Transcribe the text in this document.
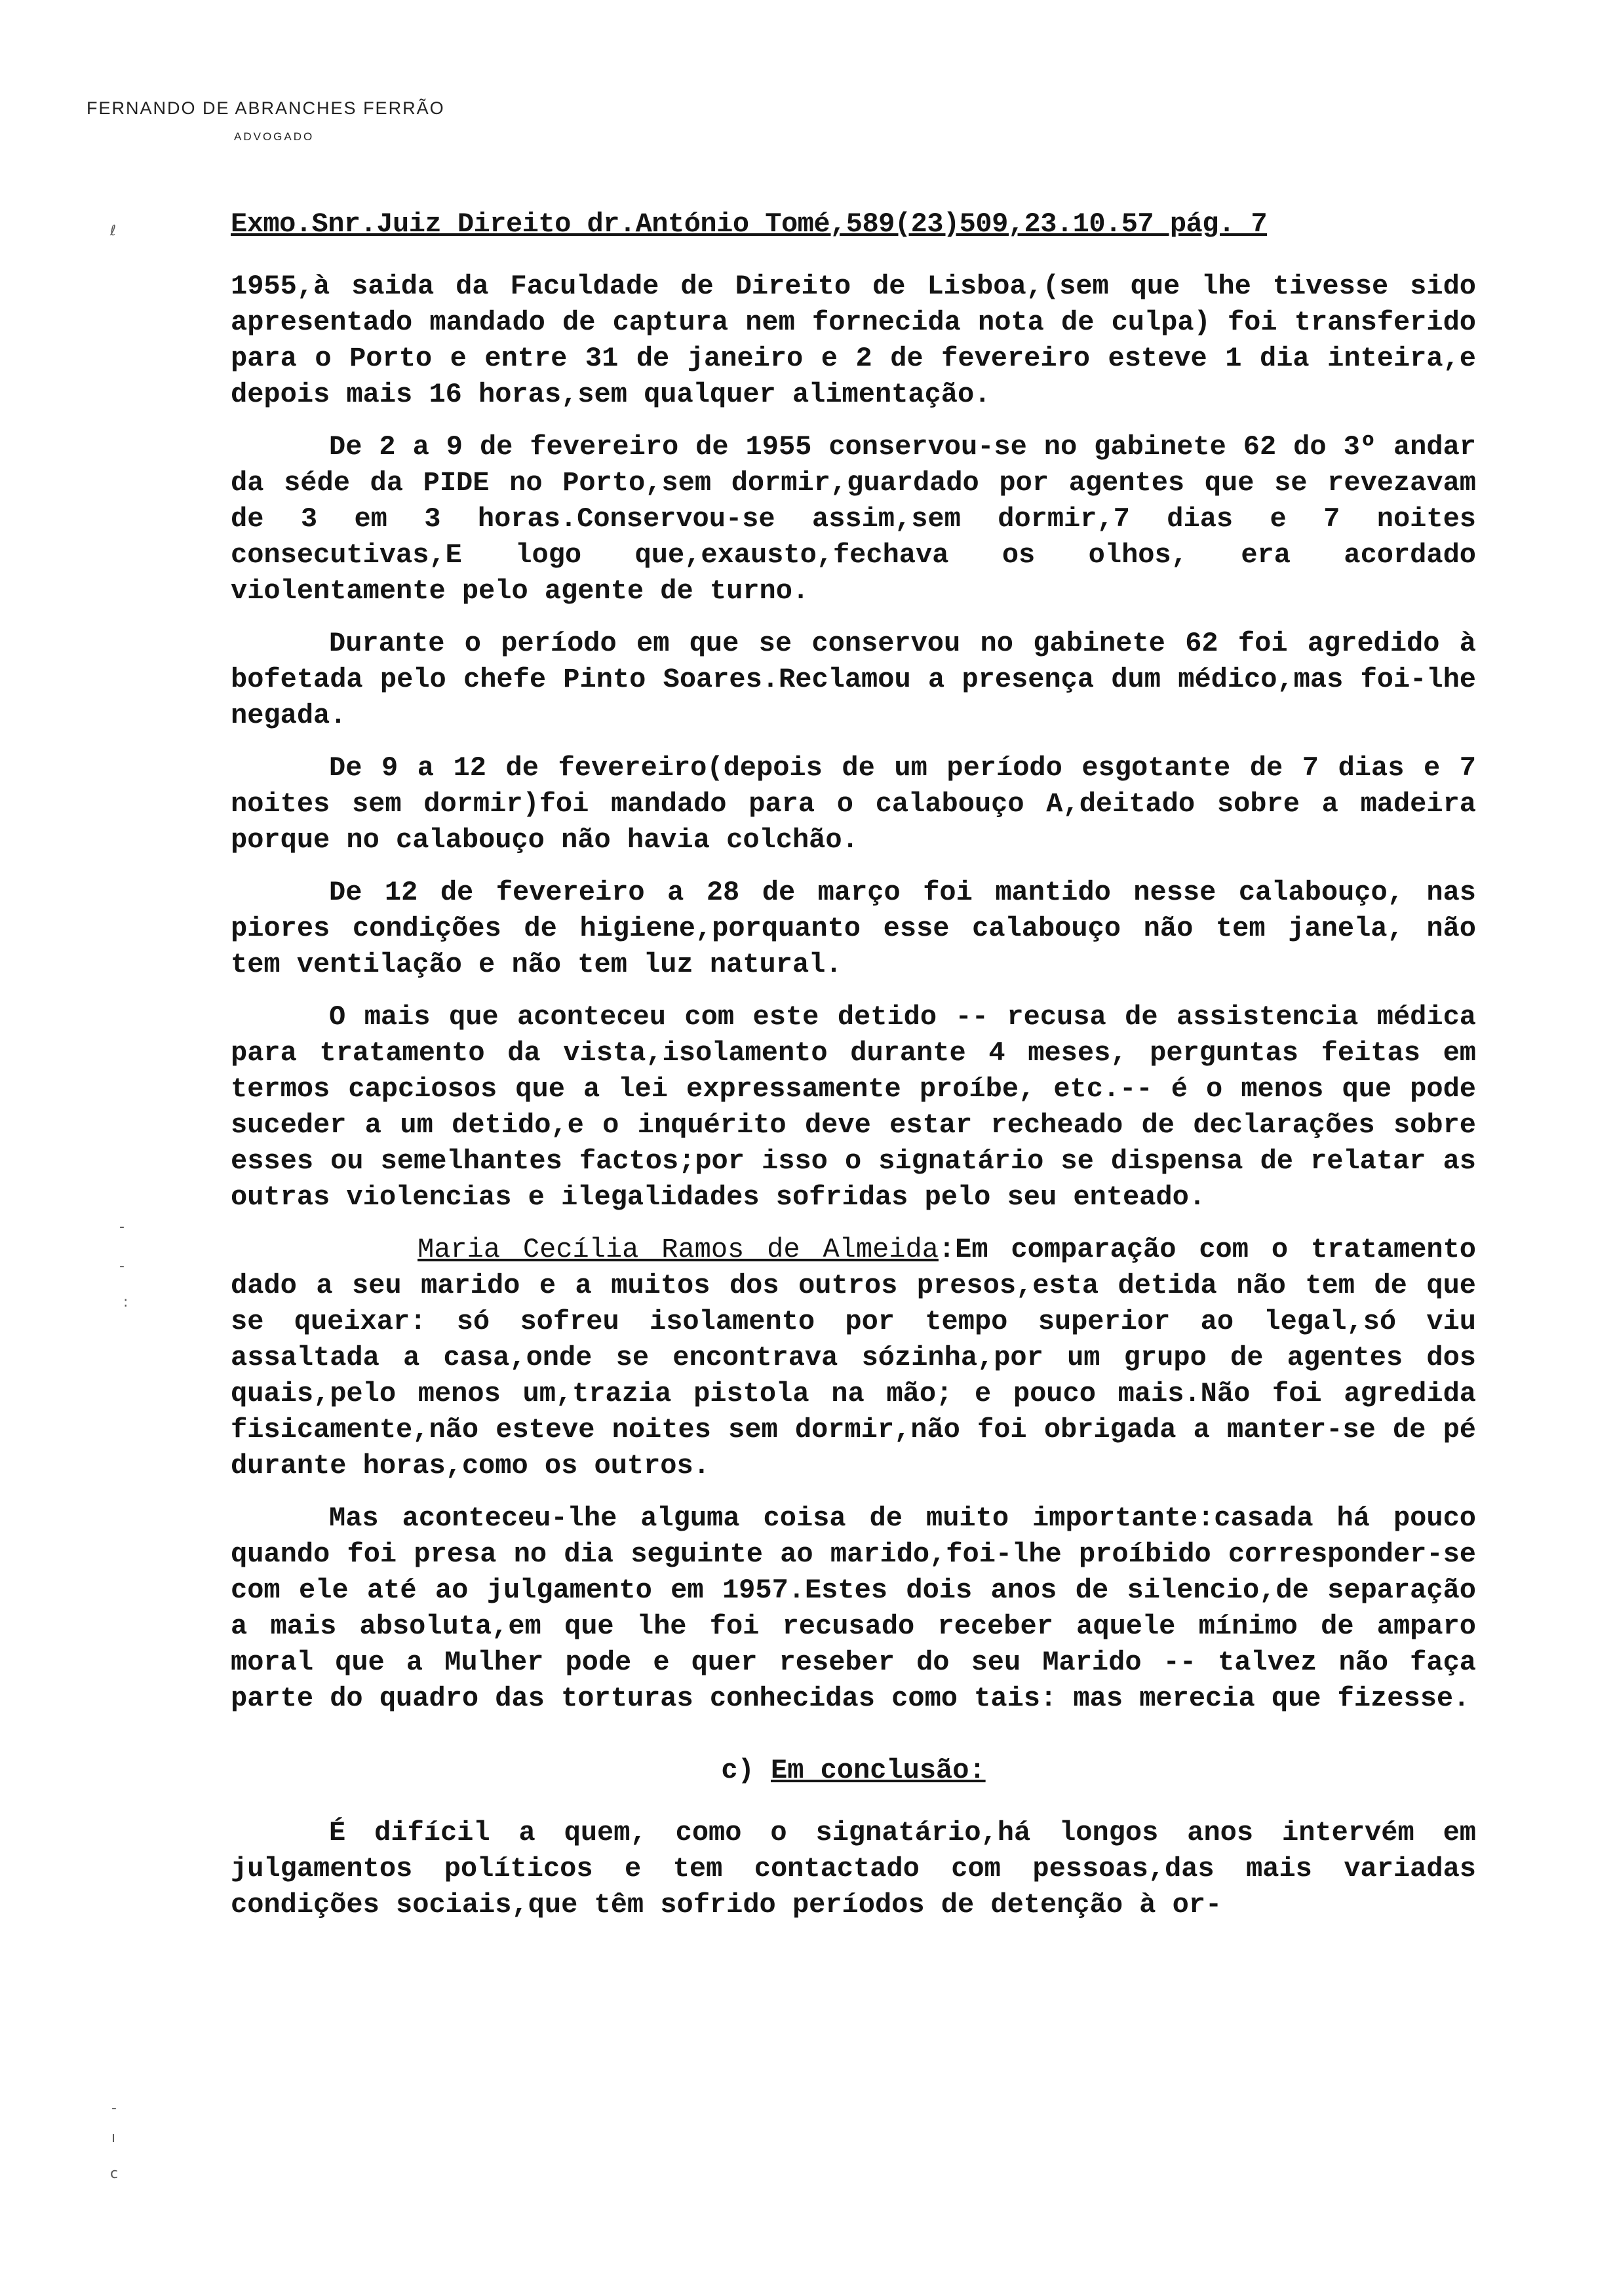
FERNANDO DE ABRANCHES FERRÃO
ADVOGADO
ℓ
-
-
:
-
ı
c
Exmo.Snr.Juiz Direito dr.António Tomé,589(23)509,23.10.57 pág. 7

1955,à saida da Faculdade de Direito de Lisboa,(sem que lhe tivesse sido apresentado mandado de captura nem fornecida nota de culpa) foi transferido para o Porto e entre 31 de janeiro e 2 de fevereiro esteve 1 dia inteira,e depois mais 16 horas,sem qualquer alimentação.

De 2 a 9 de fevereiro de 1955 conservou-se no gabinete 62 do 3º andar da séde da PIDE no Porto,sem dormir,guardado por agentes que se revezavam de 3 em 3 horas.Conservou-se assim,sem dormir,7 dias e 7 noites consecutivas,E logo que,exausto,fechava os olhos, era acordado violentamente pelo agente de turno.

Durante o período em que se conservou no gabinete 62 foi agredido à bofetada pelo chefe Pinto Soares.Reclamou a presença dum médico,mas foi-lhe negada.

De 9 a 12 de fevereiro(depois de um período esgotante de 7 dias e 7 noites sem dormir)foi mandado para o calabouço A,deitado sobre a madeira porque no calabouço não havia colchão.

De 12 de fevereiro a 28 de março foi mantido nesse calabouço, nas piores condições de higiene,porquanto esse calabouço não tem janela, não tem ventilação e não tem luz natural.

O mais que aconteceu com este detido -- recusa de assistencia médica para tratamento da vista,isolamento durante 4 meses, perguntas feitas em termos capciosos que a lei expressamente proíbe, etc.-- é o menos que pode suceder a um detido,e o inquérito deve estar recheado de declarações sobre esses ou semelhantes factos;por isso o signatário se dispensa de relatar as outras violencias e ilegalidades sofridas pelo seu enteado.

Maria Cecília Ramos de Almeida:Em comparação com o tratamento dado a seu marido e a muitos dos outros presos,esta detida não tem de que se queixar: só sofreu isolamento por tempo superior ao legal,só viu assaltada a casa,onde se encontrava sózinha,por um grupo de agentes dos quais,pelo menos um,trazia pistola na mão; e pouco mais.Não foi agredida fisicamente,não esteve noites sem dormir,não foi obrigada a manter-se de pé durante horas,como os outros.

Mas aconteceu-lhe alguma coisa de muito importante:casada há pouco quando foi presa no dia seguinte ao marido,foi-lhe proíbido corresponder-se com ele até ao julgamento em 1957.Estes dois anos de silencio,de separação a mais absoluta,em que lhe foi recusado receber aquele mínimo de amparo moral que a Mulher pode e quer reseber do seu Marido -- talvez não faça parte do quadro das torturas conhecidas como tais: mas merecia que fizesse.

c) Em conclusão:

É difícil a quem, como o signatário,há longos anos intervém em julgamentos políticos e tem contactado com pessoas,das mais variadas condições sociais,que têm sofrido períodos de detenção à or-
